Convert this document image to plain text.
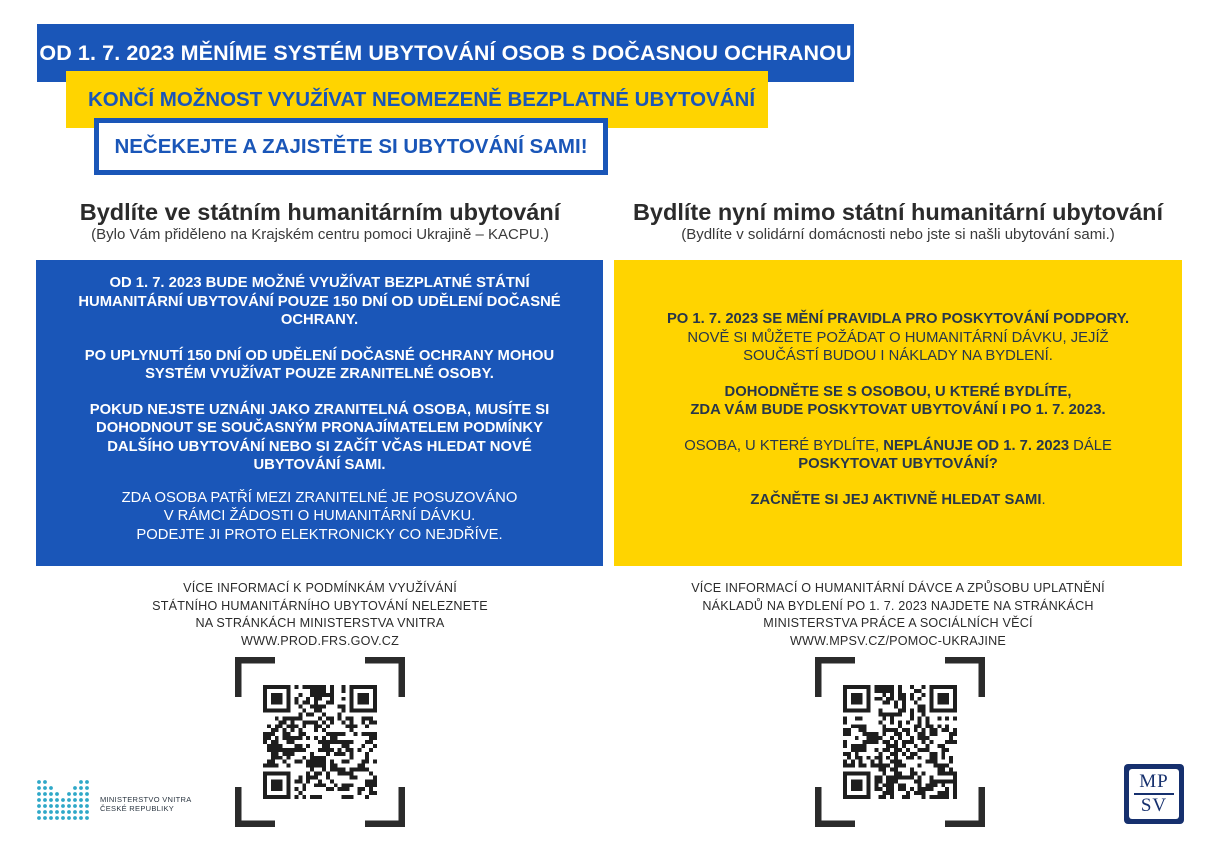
OD 1. 7. 2023 MĚNÍME SYSTÉM UBYTOVÁNÍ OSOB S DOČASNOU OCHRANOU
KONČÍ MOŽNOST VYUŽÍVAT NEOMEZENĚ BEZPLATNÉ UBYTOVÁNÍ
NEČEKEJTE A ZAJISTĚTE SI UBYTOVÁNÍ SAMI!
Bydlíte ve státním humanitárním ubytování
(Bylo Vám přiděleno na Krajském centru pomoci Ukrajině – KACPU.)
Bydlíte nyní mimo státní humanitární ubytování
(Bydlíte v solidární domácnosti nebo jste si našli ubytování sami.)

OD 1. 7. 2023 BUDE MOŽNÉ VYUŽÍVAT BEZPLATNÉ STÁTNÍ HUMANITÁRNÍ UBYTOVÁNÍ POUZE 150 DNÍ OD UDĚLENÍ DOČASNÉ OCHRANY.

PO UPLYNUTÍ 150 DNÍ OD UDĚLENÍ DOČASNÉ OCHRANY MOHOU SYSTÉM VYUŽÍVAT POUZE ZRANITELNÉ OSOBY.

POKUD NEJSTE UZNÁNI JAKO ZRANITELNÁ OSOBA, MUSÍTE SI DOHODNOUT SE SOUČASNÝM PRONAJÍMATELEM PODMÍNKY DALŠÍHO UBYTOVÁNÍ NEBO SI ZAČÍT VČAS HLEDAT NOVÉ UBYTOVÁNÍ SAMI.

ZDA OSOBA PATŘÍ MEZI ZRANITELNÉ JE POSUZOVÁNO
V RÁMCI ŽÁDOSTI O HUMANITÁRNÍ DÁVKU.
PODEJTE JI PROTO ELEKTRONICKY CO NEJDŘÍVE.

PO 1. 7. 2023 SE MĚNÍ PRAVIDLA PRO POSKYTOVÁNÍ PODPORY.
NOVĚ SI MŮŽETE POŽÁDAT O HUMANITÁRNÍ DÁVKU, JEJÍŽ
SOUČÁSTÍ BUDOU I NÁKLADY NA BYDLENÍ.

DOHODNĚTE SE S OSOBOU, U KTERÉ BYDLÍTE,
ZDA VÁM BUDE POSKYTOVAT UBYTOVÁNÍ I PO 1. 7. 2023.

OSOBA, U KTERÉ BYDLÍTE, NEPLÁNUJE OD 1. 7. 2023 DÁLE
POSKYTOVAT UBYTOVÁNÍ?

ZAČNĚTE SI JEJ AKTIVNĚ HLEDAT SAMI.

VÍCE INFORMACÍ K PODMÍNKÁM VYUŽÍVÁNÍ
STÁTNÍHO HUMANITÁRNÍHO UBYTOVÁNÍ NELEZNETE
NA STRÁNKÁCH MINISTERSTVA VNITRA
WWW.PROD.FRS.GOV.CZ
VÍCE INFORMACÍ O HUMANITÁRNÍ DÁVCE A ZPŮSOBU UPLATNĚNÍ
NÁKLADŮ NA BYDLENÍ PO 1. 7. 2023 NAJDETE NA STRÁNKÁCH
MINISTERSTVA PRÁCE A SOCIÁLNÍCH VĚCÍ
WWW.MPSV.CZ/POMOC-UKRAJINE
MINISTERSTVO VNITRA
ČESKÉ REPUBLIKY
MP
SV
